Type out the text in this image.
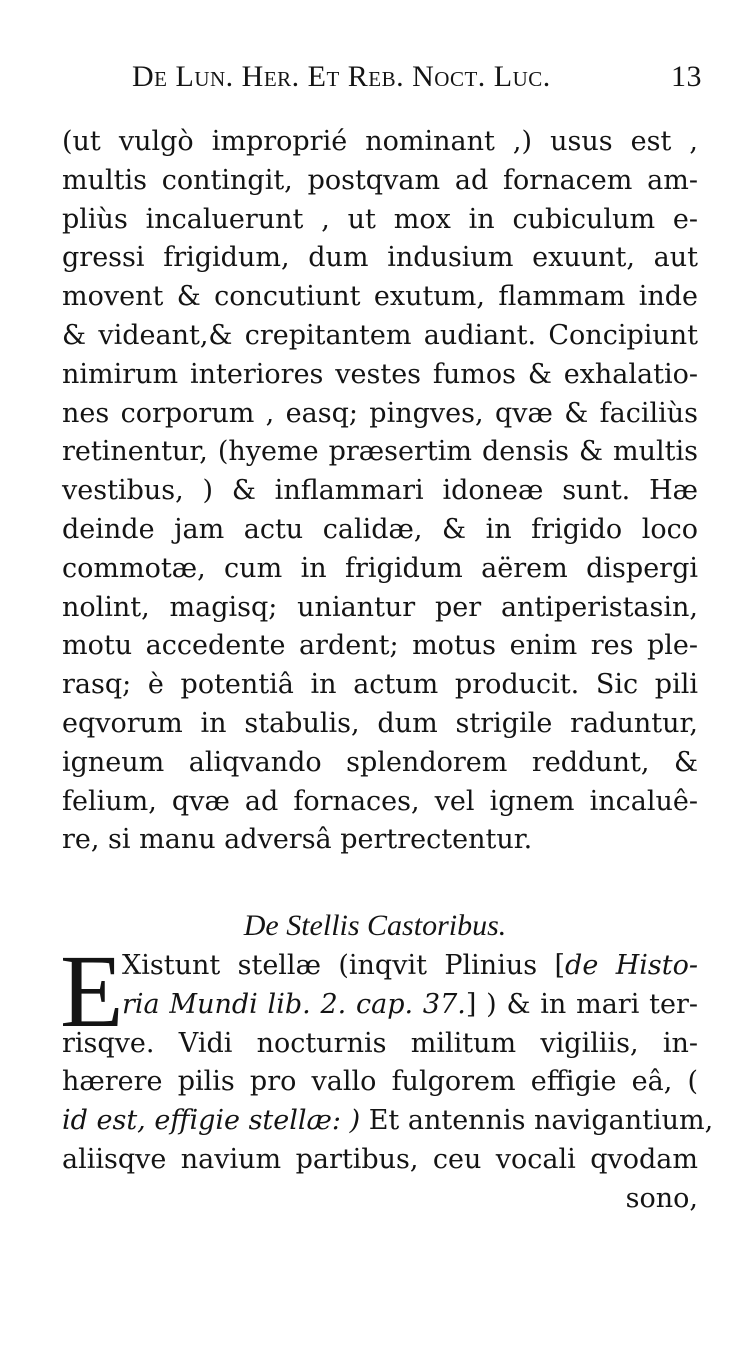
De Lun. Her. Et Reb. Noct. Luc.	13
(ut vulgò improprié nominant ,) usus est ,
multis contingit, postqvam ad fornacem am-
pliùs incaluerunt , ut mox in cubiculum e-
gressi frigidum, dum indusium exuunt, aut
movent & concutiunt exutum, flammam inde
& videant,& crepitantem audiant. Concipiunt
nimirum interiores vestes fumos & exhalatio-
nes corporum , easq; pingves, qvæ & faciliùs
retinentur, (hyeme præsertim densis & multis
vestibus, ) & inflammari idoneæ sunt. Hæ
deinde jam actu calidæ, & in frigido loco
commotæ, cum in frigidum aërem dispergi
nolint, magisq; uniantur per antiperistasin,
motu accedente ardent; motus enim res ple-
rasq; è potentiâ in actum producit. Sic pili
eqvorum in stabulis, dum strigile raduntur,
igneum aliqvando splendorem reddunt, &
felium, qvæ ad fornaces, vel ignem incaluê-
re, si manu adversâ pertrectentur.
De Stellis Castoribus.
E
Xistunt stellæ (inqvit Plinius [de Histo-
ria Mundi lib. 2. cap. 37.] ) & in mari ter-
risqve. Vidi nocturnis militum vigiliis, in-
hærere pilis pro vallo fulgorem effigie eâ, (
id est, effigie stellæ: ) Et antennis navigantium,
aliisqve navium partibus, ceu vocali qvodam
sono,
